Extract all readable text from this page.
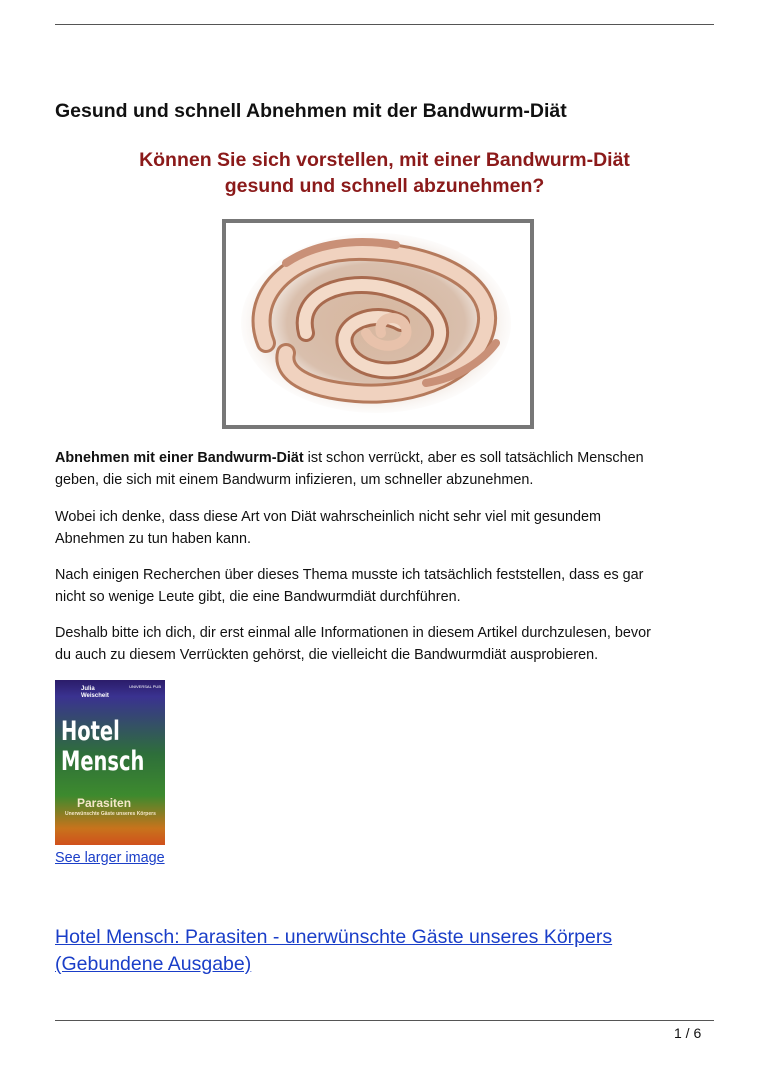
Gesund und schnell Abnehmen mit der Bandwurm-Diät
Können Sie sich vorstellen, mit einer Bandwurm-Diät
gesund und schnell abzunehmen?

Abnehmen mit einer Bandwurm-Diät ist schon verrückt, aber es soll tatsächlich Menschen
geben, die sich mit einem Bandwurm infizieren, um schneller abzunehmen.

Wobei ich denke, dass diese Art von Diät wahrscheinlich nicht sehr viel mit gesundem
Abnehmen zu tun haben kann.

Nach einigen Recherchen über dieses Thema musste ich tatsächlich feststellen, dass es gar
nicht so wenige Leute gibt, die eine Bandwurmdiät durchführen.

Deshalb bitte ich dich, dir erst einmal alle Informationen in diesem Artikel durchzulesen, bevor
du auch zu diesem Verrückten gehörst, die vielleicht die Bandwurmdiät ausprobieren.

UNIVERSAL PUB
Julia
Weischeit
Hotel
Mensch
Parasiten
Unerwünschte Gäste unseres Körpers
See larger image

Hotel Mensch: Parasiten - unerwünschte Gäste unseres Körpers
(Gebundene Ausgabe)

1 / 6
